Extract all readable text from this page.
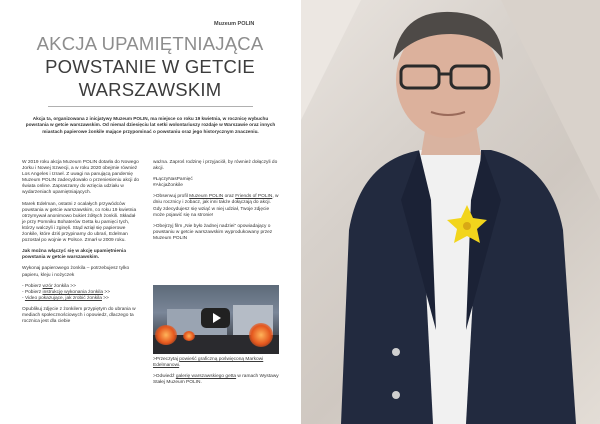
Muzeum POLIN
AKCJA UPAMIĘTNIAJĄCA
POWSTANIE W GETCIE
WARSZAWSKIM
Akcja ta, organizowana z inicjatywy Muzeum POLIN, ma miejsce co roku 19 kwietnia, w rocznicę wybuchu powstania w getcie warszawskim. Od niemal dziesięciu lat setki wolontariuszy rozdaje w Warszawie oraz innych miastach papierowe żonkile mające przypominać o powstaniu oraz jego historycznym znaczeniu.

W 2019 roku akcja Muzeum POLIN dotarła do Nowego Jorku i Nowej Szwecji, a w roku 2020 obejmie również Los Angeles i Izrael. Z uwagi na panującą pandemię Muzeum POLIN zadecydowało o przeniesieniu akcji do świata online. Zapraszamy do wzięcia udziału w wydarzeniach upamiętniających.

Marek Edelman, ostatni z ocalałych przywódców powstania w getcie warszawskim, co roku 19 kwietnia otrzymywał anonimowo bukiet żółtych żonkili. Składał je przy Pomniku Bohaterów Getta ku pamięci tych, którzy walczyli i zginęli. Stąd wziął się papierowe żonkile, które dziś przypinamy do ubrań, Edelman pozostał po wojnie w Polsce. Zmarł w 2009 roku.

Jak można włączyć się w akcję upamiętnienia powstania w getcie warszawskim.

Wykonaj papierowego żonkila – potrzebujesz tylko papieru, kleju i nożyczek

- Pobierz wzór żonkila >>
- Pobierz instrukcję wykonania żonkila >>
- Video pokazujące, jak zrobić żonkila >>

Opublikuj zdjęcie z żonkilem przypiętym do ubrania w mediach społecznościowych i opowiedz, dlaczego ta rocznica jest dla ciebie

ważna. Zaproś rodzinę i przyjaciół, by również dołączyli do akcji.

#ŁączyNasPamięć
#AkcjaŻonkile

>Obserwuj profil Muzeum POLIN oraz Friends of POLIN, w dniu rocznicy i zobacz, jak inni także dołączają do akcji. Gdy zdecydujesz się wziąć w niej udział, Twoje zdjęcie może pojawić się na stronie!

>Obejrzyj film „Nie było żadnej nadziei” opowiadający o powstaniu w getcie warszawskim wyprodukowany przez Muzeum POLIN

>Przeczytaj powieść graficzną poświęconą Markowi Edelmanowi.

>Odwiedź galerię warszawskiego getta w ramach Wystawy Stałej Muzeum POLIN.
